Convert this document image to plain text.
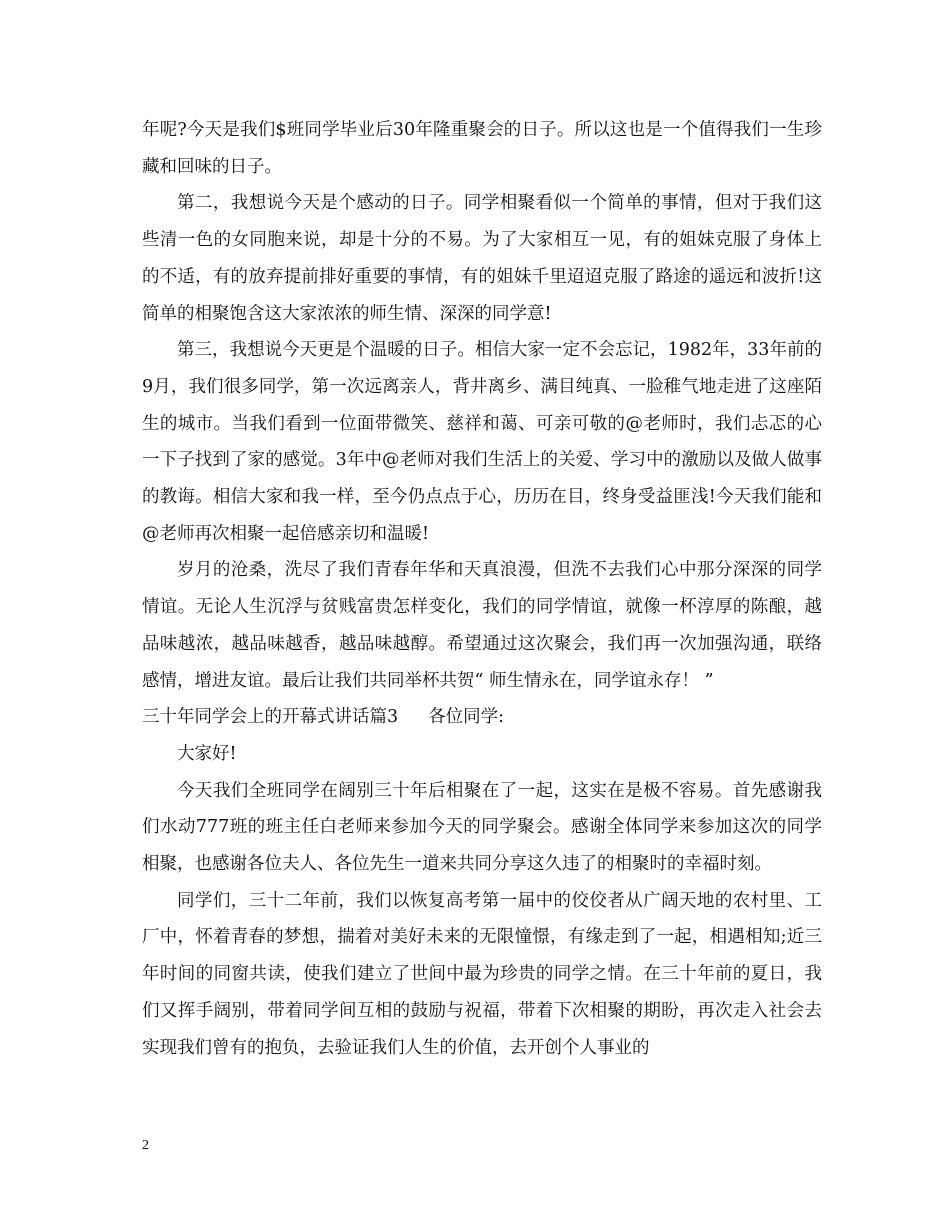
年呢?今天是我们$班同学毕业后30年隆重聚会的日子。所以这也是一个值得我们一生珍藏和回味的日子。

第二，我想说今天是个感动的日子。同学相聚看似一个简单的事情，但对于我们这些清一色的女同胞来说，却是十分的不易。为了大家相互一见，有的姐妹克服了身体上的不适，有的放弃提前排好重要的事情，有的姐妹千里迢迢克服了路途的遥远和波折!这简单的相聚饱含这大家浓浓的师生情、深深的同学意!

第三，我想说今天更是个温暖的日子。相信大家一定不会忘记，1982年，33年前的9月，我们很多同学，第一次远离亲人，背井离乡、满目纯真、一脸稚气地走进了这座陌生的城市。当我们看到一位面带微笑、慈祥和蔼、可亲可敬的@老师时，我们忐忑的心一下子找到了家的感觉。3年中@老师对我们生活上的关爱、学习中的激励以及做人做事的教诲。相信大家和我一样，至今仍点点于心，历历在目，终身受益匪浅!今天我们能和@老师再次相聚一起倍感亲切和温暖!

岁月的沧桑，洗尽了我们青春年华和天真浪漫，但洗不去我们心中那分深深的同学情谊。无论人生沉浮与贫贱富贵怎样变化，我们的同学情谊，就像一杯淳厚的陈酿，越品味越浓，越品味越香，越品味越醇。希望通过这次聚会，我们再一次加强沟通，联络感情，增进友谊。最后让我们共同举杯共贺“ 师生情永在，同学谊永存！ ”

三十年同学会上的开幕式讲话篇3 各位同学:

大家好!

今天我们全班同学在阔别三十年后相聚在了一起，这实在是极不容易。首先感谢我们水动777班的班主任白老师来参加今天的同学聚会。感谢全体同学来参加这次的同学相聚，也感谢各位夫人、各位先生一道来共同分享这久违了的相聚时的幸福时刻。

同学们，三十二年前，我们以恢复高考第一届中的佼佼者从广阔天地的农村里、工厂中，怀着青春的梦想，揣着对美好未来的无限憧憬，有缘走到了一起，相遇相知;近三年时间的同窗共读，使我们建立了世间中最为珍贵的同学之情。在三十年前的夏日，我们又挥手阔别，带着同学间互相的鼓励与祝福，带着下次相聚的期盼，再次走入社会去实现我们曾有的抱负，去验证我们人生的价值，去开创个人事业的

2
